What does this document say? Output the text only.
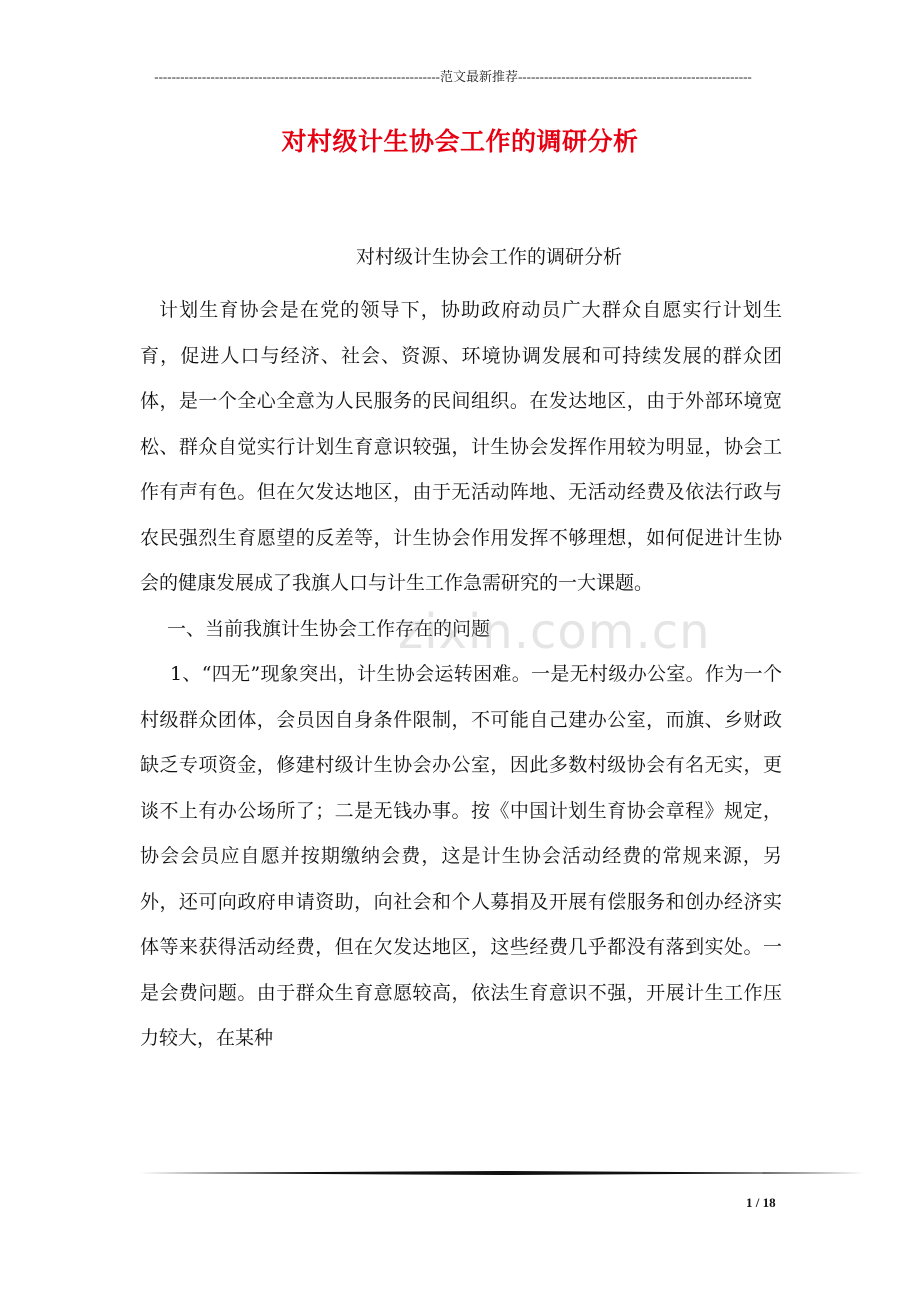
------------------------------------------------------------------范文最新推荐------------------------------------------------------
对村级计生协会工作的调研分析
对村级计生协会工作的调研分析

计划生育协会是在党的领导下，协助政府动员广大群众自愿实行计划生育，促进人口与经济、社会、资源、环境协调发展和可持续发展的群众团体，是一个全心全意为人民服务的民间组织。在发达地区，由于外部环境宽松、群众自觉实行计划生育意识较强，计生协会发挥作用较为明显，协会工作有声有色。但在欠发达地区，由于无活动阵地、无活动经费及依法行政与农民强烈生育愿望的反差等，计生协会作用发挥不够理想，如何促进计生协会的健康发展成了我旗人口与计生工作急需研究的一大课题。

一、当前我旗计生协会工作存在的问题

1、“四无”现象突出，计生协会运转困难。一是无村级办公室。作为一个村级群众团体，会员因自身条件限制，不可能自己建办公室，而旗、乡财政缺乏专项资金，修建村级计生协会办公室，因此多数村级协会有名无实，更谈不上有办公场所了；二是无钱办事。按《中国计划生育协会章程》规定，协会会员应自愿并按期缴纳会费，这是计生协会活动经费的常规来源，另外，还可向政府申请资助，向社会和个人募捐及开展有偿服务和创办经济实体等来获得活动经费，但在欠发达地区，这些经费几乎都没有落到实处。一是会费问题。由于群众生育意愿较高，依法生育意识不强，开展计生工作压力较大，在某种

zixin.com.cn
1 / 18
